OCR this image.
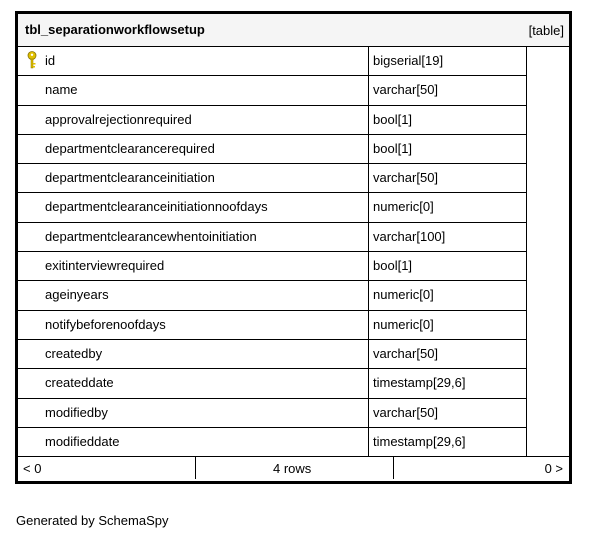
tbl_separationworkflowsetup	[table]
id	bigserial[19]
name	varchar[50]
approvalrejectionrequired	bool[1]
departmentclearancerequired	bool[1]
departmentclearanceinitiation	varchar[50]
departmentclearanceinitiationnoofdays	numeric[0]
departmentclearancewhentoinitiation	varchar[100]
exitinterviewrequired	bool[1]
ageinyears	numeric[0]
notifybeforenoofdays	numeric[0]
createdby	varchar[50]
createddate	timestamp[29,6]
modifiedby	varchar[50]
modifieddate	timestamp[29,6]
< 0	4 rows	0 >
Generated by SchemaSpy
